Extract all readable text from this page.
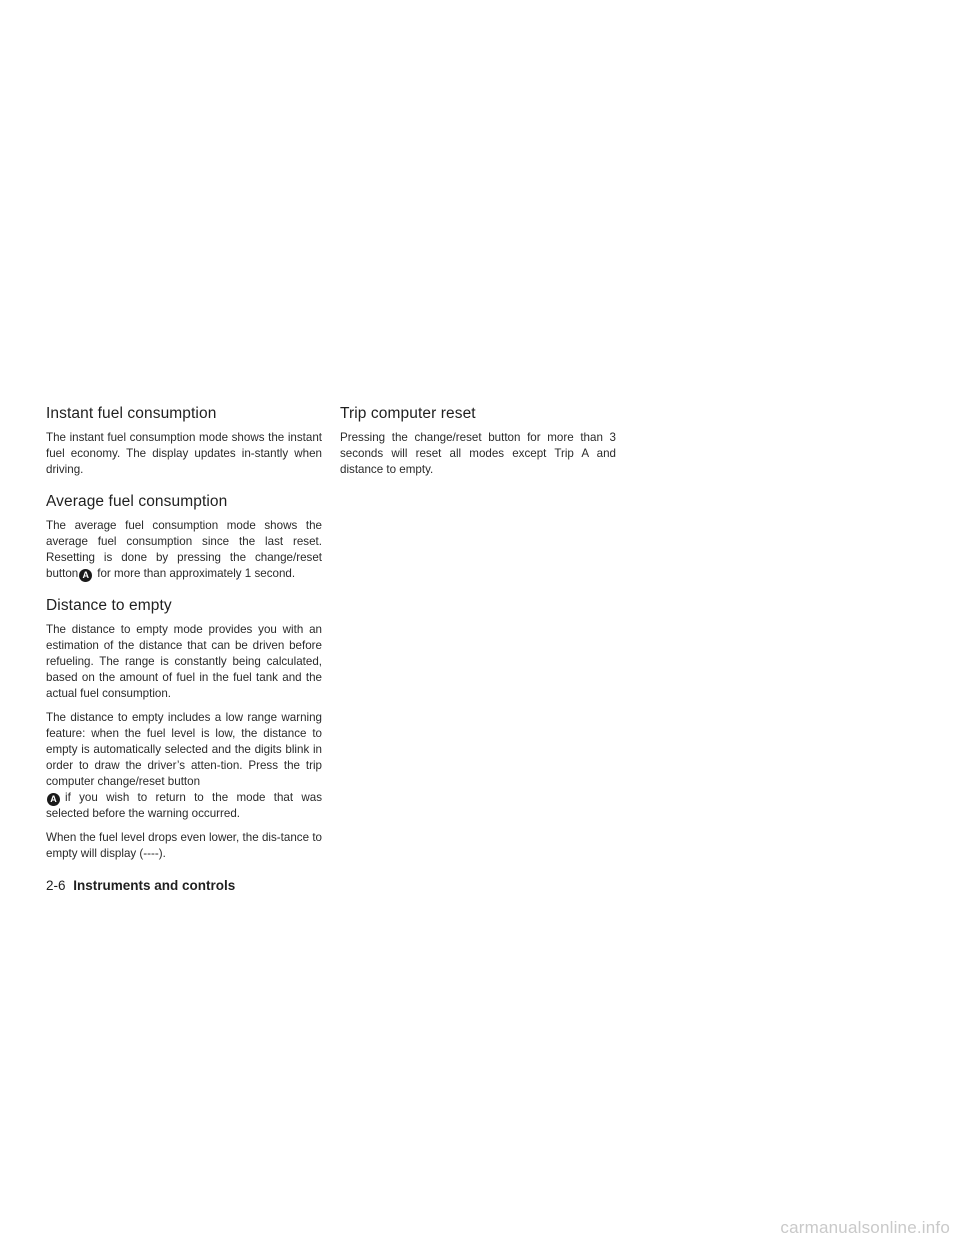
Instant fuel consumption

The instant fuel consumption mode shows the instant fuel economy. The display updates in-stantly when driving.

Average fuel consumption

The average fuel consumption mode shows the average fuel consumption since the last reset. Resetting is done by pressing the change/reset button A for more than approximately 1 second.

Distance to empty

The distance to empty mode provides you with an estimation of the distance that can be driven before refueling. The range is constantly being calculated, based on the amount of fuel in the fuel tank and the actual fuel consumption.

The distance to empty includes a low range warning feature: when the fuel level is low, the distance to empty is automatically selected and the digits blink in order to draw the driver’s atten-tion. Press the trip computer change/reset button
A if you wish to return to the mode that was selected before the warning occurred.

When the fuel level drops even lower, the dis-tance to empty will display (----).

Trip computer reset

Pressing the change/reset button for more than 3 seconds will reset all modes except Trip A and distance to empty.

2-6 Instruments and controls
carmanualsonline.info
